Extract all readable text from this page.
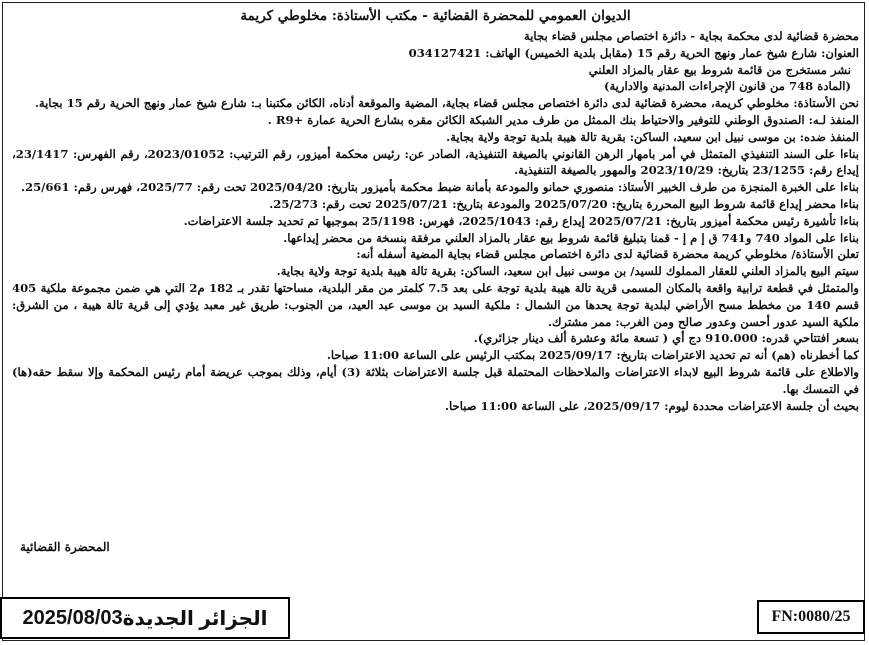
الديوان العمومي للمحضرة القضائية - مكتب الأستاذة: مخلوطي كريمة
محضرة قضائية لدى محكمة بجاية - دائرة اختصاص مجلس قضاء بجاية
العنوان: شارع شيخ عمار ونهج الحرية رقم 15 (مقابل بلدية الخميس) الهاتف: 034127421
نشر مستخرج من قائمة شروط بيع عقار بالمزاد العلني
(المادة 748 من قانون الإجراءات المدنية والادارية)
نحن الأستاذة: مخلوطي كريمة، محضرة قضائية لدى دائرة اختصاص مجلس قضاء بجاية، المضية والموقعة أدناه، الكائن مكتبنا بـ: شارع شيخ عمار ونهج الحرية رقم 15 بجاية.
المنفذ لـه: الصندوق الوطني للتوفير والاحتياط بنك الممثل من طرف مدير الشبكة الكائن مقره بشارع الحرية عمارة +R9 .
المنفذ ضده: بن موسى نبيل ابن سعيد، الساكن: بقرية تالة هيبة بلدية توجة ولاية بجاية.
بناءا على السند التنفيذي المتمثل في أمر بامهار الرهن القانوني بالصيغة التنفيذية، الصادر عن: رئيس محكمة أميزور، رقم الترتيب: 2023/01052، رقم الفهرس: 23/1417، إيداع رقم: 23/1255 بتاريخ: 2023/10/29 والمهور بالصيغة التنفيذية.
بناءا على الخبرة المنجزة من طرف الخبير الأستاذ: منصوري حمانو والمودعة بأمانة ضبط محكمة بأميزور بتاريخ: 2025/04/20 تحت رقم: 2025/77، فهرس رقم: 25/661.
بناءا محضر إيداع قائمة شروط البيع المحررة بتاريخ: 2025/07/20 والمودعة بتاريخ: 2025/07/21 تحت رقم: 25/273.
بناءا تأشيرة رئيس محكمة أميزور بتاريخ: 2025/07/21 إيداع رقم: 2025/1043، فهرس: 25/1198 بموجبها تم تحديد جلسة الاعتراضات.
بناءا على المواد 740 و741 ق إ م إ - قمنا بتبليغ قائمة شروط بيع عقار بالمزاد العلني مرفقة بنسخة من محضر إيداعها.
تعلن الأستاذة/ مخلوطي كريمة محضرة قضائية لدى دائرة اختصاص مجلس قضاء بجاية المضية أسفله أنه:
سيتم البيع بالمزاد العلني للعقار المملوك للسيد/ بن موسى نبيل ابن سعيد، الساكن: بقرية تالة هيبة بلدية توجة ولاية بجاية.
والمتمثل في قطعة ترابية واقعة بالمكان المسمى قرية تالة هيبة بلدية توجة على بعد 7.5 كلمتر من مقر البلدية، مساحتها تقدر بـ 182 م2 التي هي ضمن مجموعة ملكية 405 قسم 140 من مخطط مسح الأراضي لبلدية توجة يحدها من الشمال : ملكية السيد بن موسى عبد العيد، من الجنوب: طريق غير معبد يؤدي إلى قرية تالة هيبة ، من الشرق: ملكية السيد عدور أحسن وعدور صالح ومن الغرب: ممر مشترك.
بسعر افتتاحي قدره: 910.000 دج أي ( تسعة مائة وعشرة ألف دينار جزائري).
كما أخطرناه (هم) أنه تم تحديد الاعتراضات بتاريخ: 2025/09/17 بمكتب الرئيس على الساعة 11:00 صباحا.
والاطلاع على قائمة شروط البيع لابداء الاعتراضات والملاحظات المحتملة قبل جلسة الاعتراضات بثلاثة (3) أيام، وذلك بموجب عريضة أمام رئيس المحكمة وإلا سقط حقه(ها) في التمسك بها.
بحيث أن جلسة الاعتراضات محددة ليوم: 2025/09/17، على الساعة 11:00 صباحا.
المحضرة القضائية
الجزائر الجديدة
2025/08/03	FN:0080/25
